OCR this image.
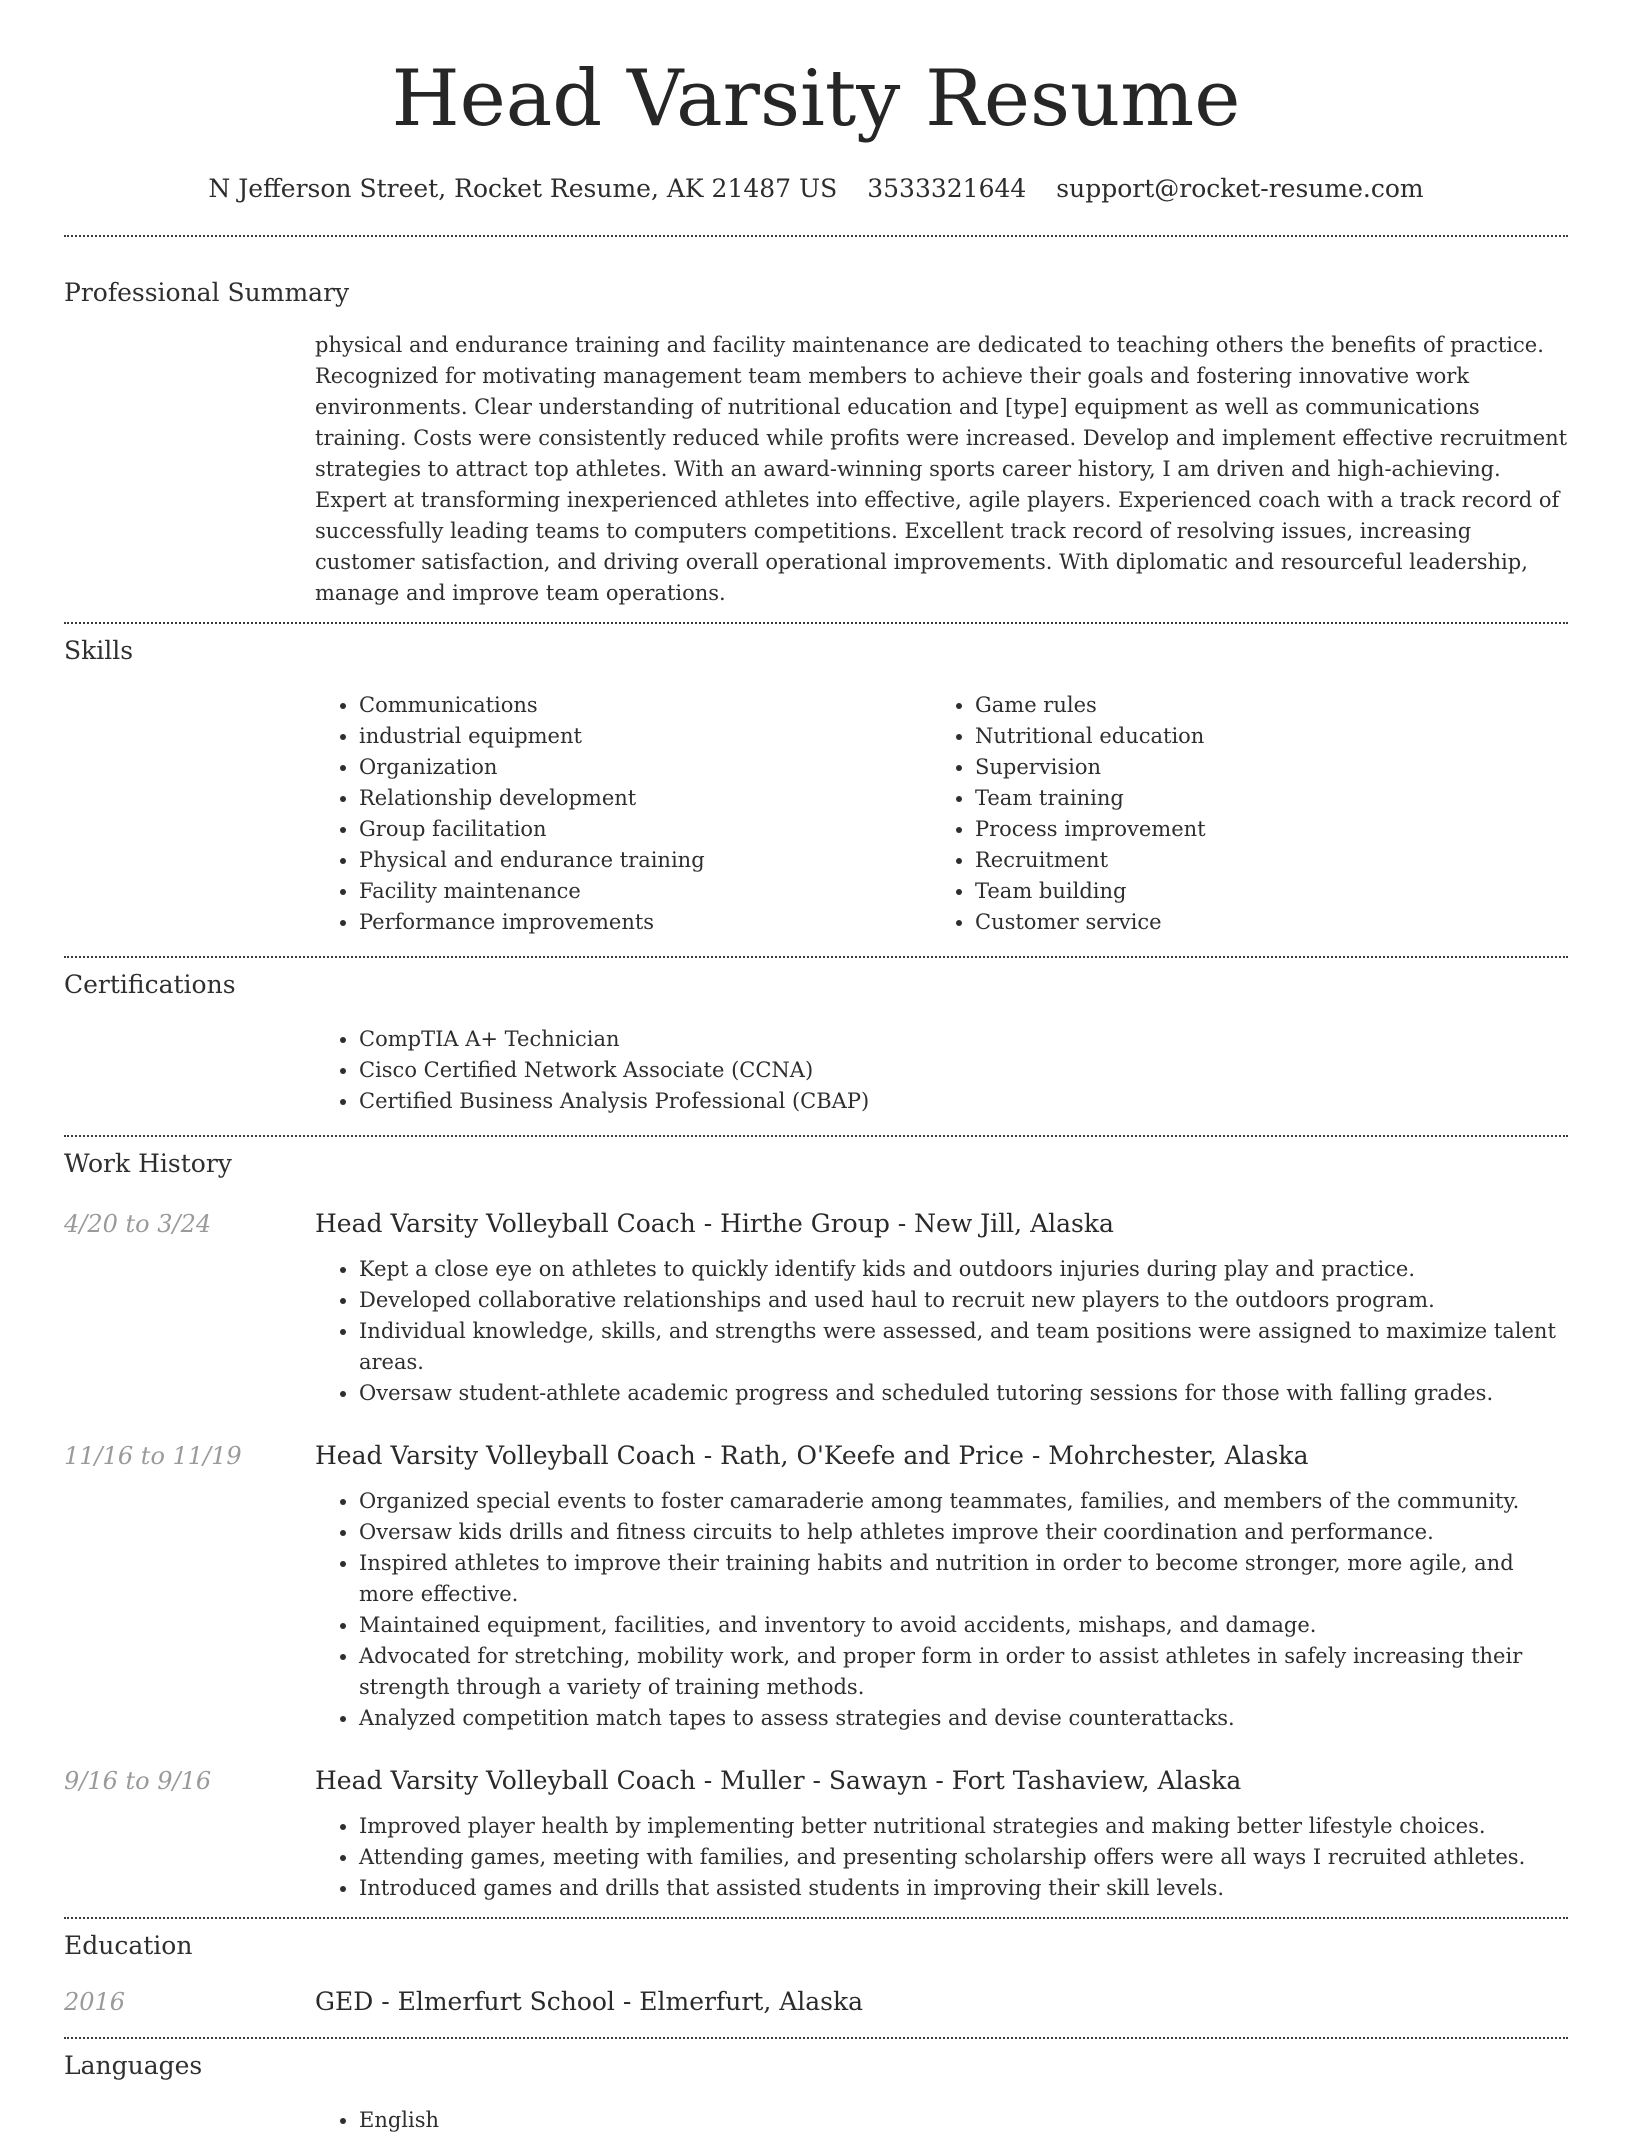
Head Varsity Resume
N Jefferson Street, Rocket Resume, AK 21487 US 3533321644 support@rocket-resume.com
Professional Summary
physical and endurance training and facility maintenance are dedicated to teaching others the benefits of practice. Recognized for motivating management team members to achieve their goals and fostering innovative work environments. Clear understanding of nutritional education and [type] equipment as well as communications training. Costs were consistently reduced while profits were increased. Develop and implement effective recruitment strategies to attract top athletes. With an award-winning sports career history, I am driven and high-achieving. Expert at transforming inexperienced athletes into effective, agile players. Experienced coach with a track record of successfully leading teams to computers competitions. Excellent track record of resolving issues, increasing customer satisfaction, and driving overall operational improvements. With diplomatic and resourceful leadership, manage and improve team operations.
Skills
• Communications
• industrial equipment
• Organization
• Relationship development
• Group facilitation
• Physical and endurance training
• Facility maintenance
• Performance improvements
• Game rules
• Nutritional education
• Supervision
• Team training
• Process improvement
• Recruitment
• Team building
• Customer service
Certifications
• CompTIA A+ Technician
• Cisco Certified Network Associate (CCNA)
• Certified Business Analysis Professional (CBAP)
Work History
4/20 to 3/24	Head Varsity Volleyball Coach - Hirthe Group - New Jill, Alaska
• Kept a close eye on athletes to quickly identify kids and outdoors injuries during play and practice.
• Developed collaborative relationships and used haul to recruit new players to the outdoors program.
• Individual knowledge, skills, and strengths were assessed, and team positions were assigned to maximize talent areas.
• Oversaw student-athlete academic progress and scheduled tutoring sessions for those with falling grades.
11/16 to 11/19	Head Varsity Volleyball Coach - Rath, O'Keefe and Price - Mohrchester, Alaska
• Organized special events to foster camaraderie among teammates, families, and members of the community.
• Oversaw kids drills and fitness circuits to help athletes improve their coordination and performance.
• Inspired athletes to improve their training habits and nutrition in order to become stronger, more agile, and more effective.
• Maintained equipment, facilities, and inventory to avoid accidents, mishaps, and damage.
• Advocated for stretching, mobility work, and proper form in order to assist athletes in safely increasing their strength through a variety of training methods.
• Analyzed competition match tapes to assess strategies and devise counterattacks.
9/16 to 9/16	Head Varsity Volleyball Coach - Muller - Sawayn - Fort Tashaview, Alaska
• Improved player health by implementing better nutritional strategies and making better lifestyle choices.
• Attending games, meeting with families, and presenting scholarship offers were all ways I recruited athletes.
• Introduced games and drills that assisted students in improving their skill levels.
Education
2016	GED - Elmerfurt School - Elmerfurt, Alaska
Languages
• English
